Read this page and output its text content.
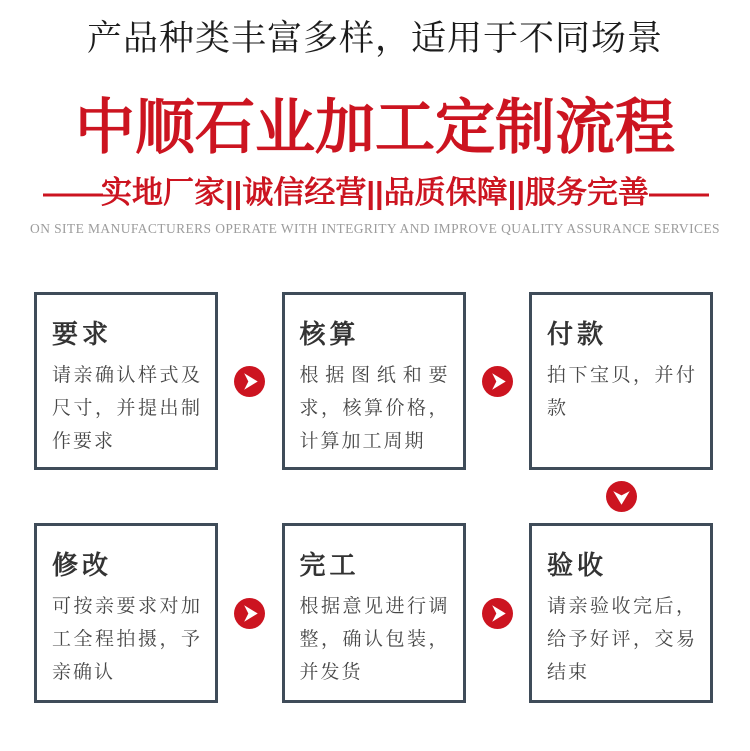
产品种类丰富多样，适用于不同场景
中顺石业加工定制流程
——实地厂家||诚信经营||品质保障||服务完善——
ON SITE MANUFACTURERS OPERATE WITH INTEGRITY AND IMPROVE QUALITY ASSURANCE SERVICES
要求
请亲确认样式及尺寸，并提出制作要求
核算
根据图纸和要求，核算价格，计算加工周期
付款
拍下宝贝，并付款
修改
可按亲要求对加工全程拍摄，予亲确认
完工
根据意见进行调整，确认包装，并发货
验收
请亲验收完后，给予好评，交易结束
